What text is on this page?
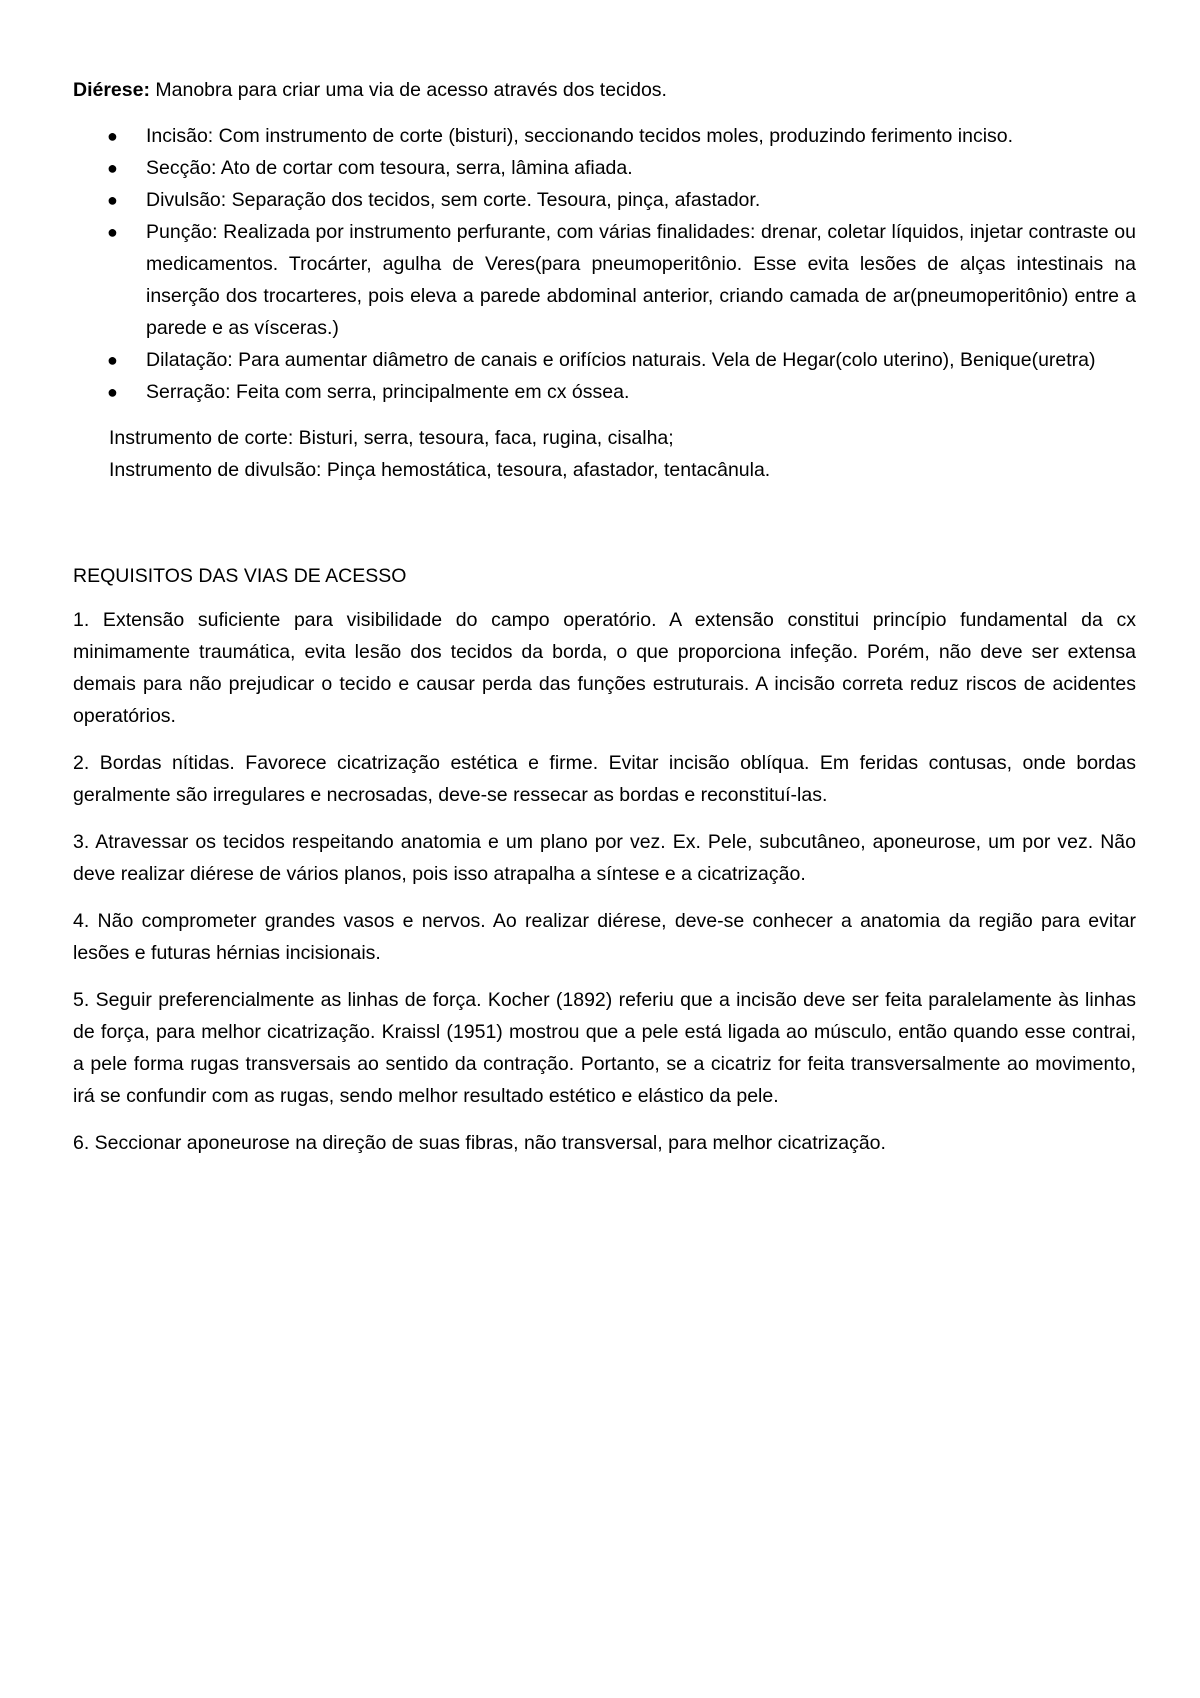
Diérese: Manobra para criar uma via de acesso através dos tecidos.

● Incisão: Com instrumento de corte (bisturi), seccionando tecidos moles, produzindo ferimento inciso.
● Secção: Ato de cortar com tesoura, serra, lâmina afiada.
● Divulsão: Separação dos tecidos, sem corte. Tesoura, pinça, afastador.
● Punção: Realizada por instrumento perfurante, com várias finalidades: drenar, coletar líquidos, injetar contraste ou medicamentos. Trocárter, agulha de Veres(para pneumoperitônio. Esse evita lesões de alças intestinais na inserção dos trocarteres, pois eleva a parede abdominal anterior, criando camada de ar(pneumoperitônio) entre a parede e as vísceras.)
● Dilatação: Para aumentar diâmetro de canais e orifícios naturais. Vela de Hegar(colo uterino), Benique(uretra)
● Serração: Feita com serra, principalmente em cx óssea.

Instrumento de corte: Bisturi, serra, tesoura, faca, rugina, cisalha;

Instrumento de divulsão: Pinça hemostática, tesoura, afastador, tentacânula.

REQUISITOS DAS VIAS DE ACESSO

1. Extensão suficiente para visibilidade do campo operatório. A extensão constitui princípio fundamental da cx minimamente traumática, evita lesão dos tecidos da borda, o que proporciona infeção. Porém, não deve ser extensa demais para não prejudicar o tecido e causar perda das funções estruturais. A incisão correta reduz riscos de acidentes operatórios.

2. Bordas nítidas. Favorece cicatrização estética e firme. Evitar incisão oblíqua. Em feridas contusas, onde bordas geralmente são irregulares e necrosadas, deve-se ressecar as bordas e reconstituí-las.

3. Atravessar os tecidos respeitando anatomia e um plano por vez. Ex. Pele, subcutâneo, aponeurose, um por vez. Não deve realizar diérese de vários planos, pois isso atrapalha a síntese e a cicatrização.

4. Não comprometer grandes vasos e nervos. Ao realizar diérese, deve-se conhecer a anatomia da região para evitar lesões e futuras hérnias incisionais.

5. Seguir preferencialmente as linhas de força. Kocher (1892) referiu que a incisão deve ser feita paralelamente às linhas de força, para melhor cicatrização. Kraissl (1951) mostrou que a pele está ligada ao músculo, então quando esse contrai, a pele forma rugas transversais ao sentido da contração. Portanto, se a cicatriz for feita transversalmente ao movimento, irá se confundir com as rugas, sendo melhor resultado estético e elástico da pele.

6. Seccionar aponeurose na direção de suas fibras, não transversal, para melhor cicatrização.
